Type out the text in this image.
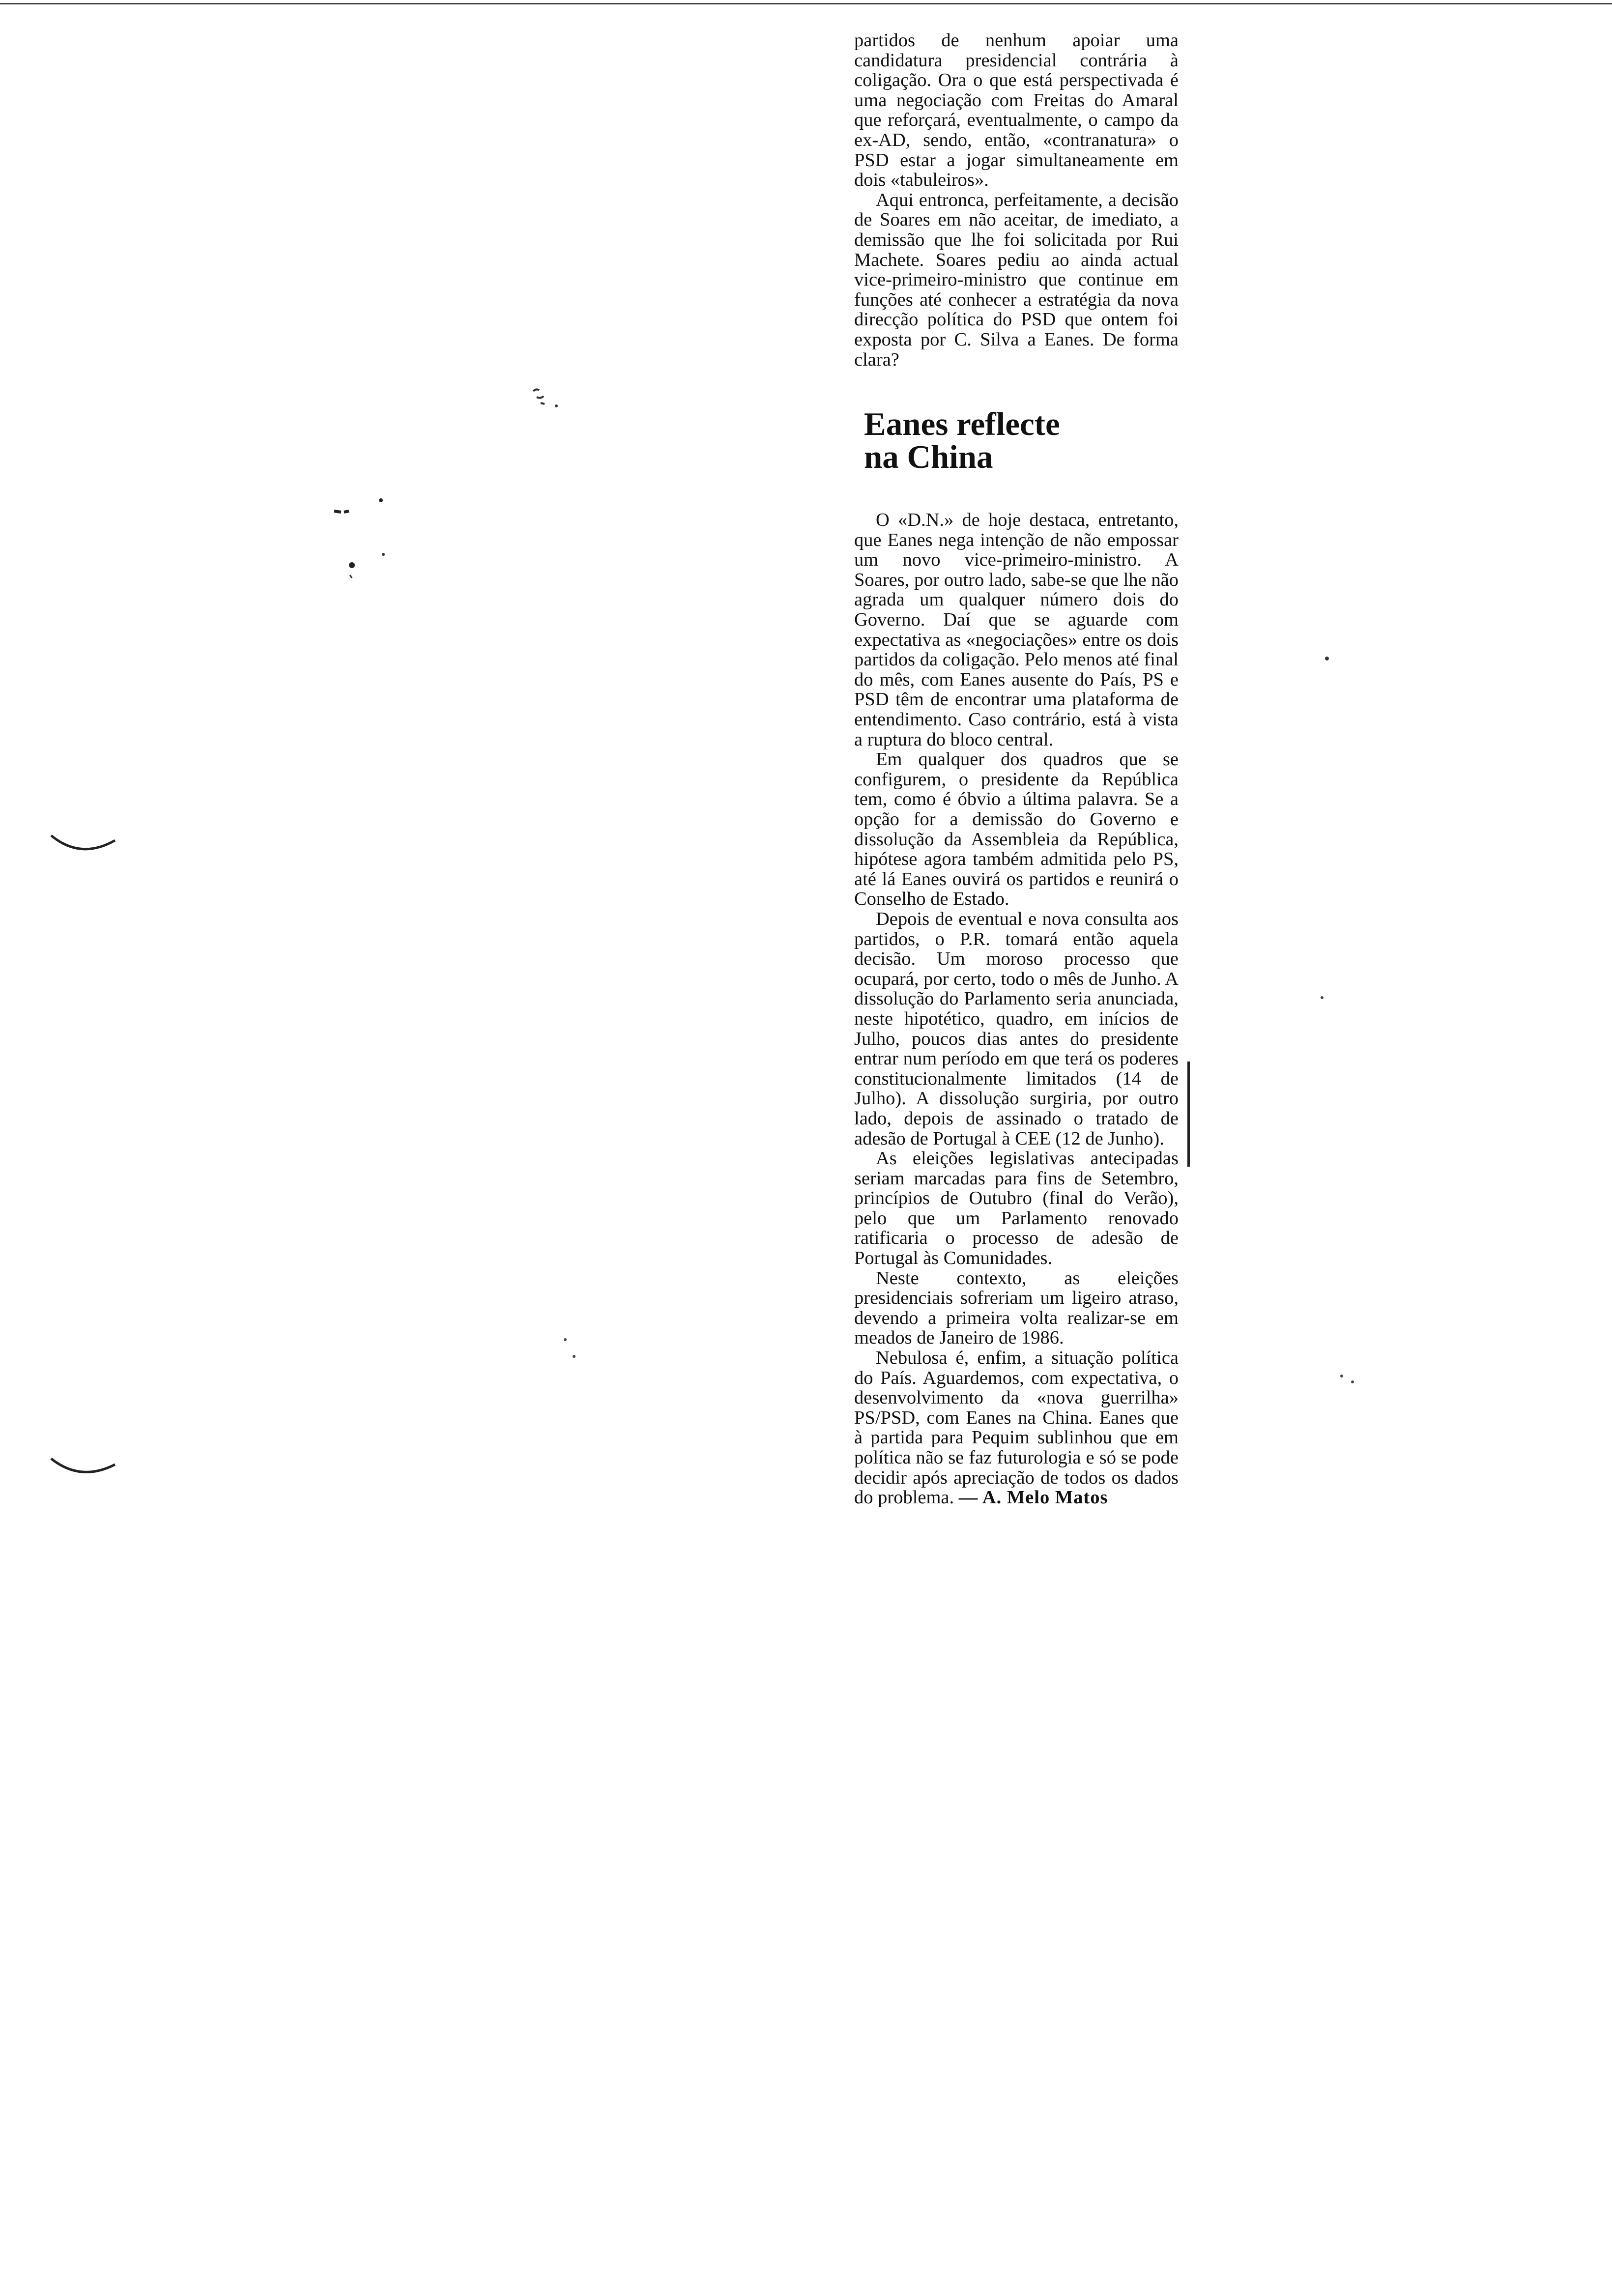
partidos de nenhum apoiar uma candidatura presidencial contrária à coligação. Ora o que está perspectivada é uma negociação com Freitas do Amaral que reforçará, eventualmente, o campo da ex-AD, sendo, então, «contranatura» o PSD estar a jogar simultaneamente em dois «tabuleiros».

Aqui entronca, perfeitamente, a decisão de Soares em não aceitar, de imediato, a demissão que lhe foi solicitada por Rui Machete. Soares pediu ao ainda actual vice-primeiro-ministro que continue em funções até conhecer a estratégia da nova direcção política do PSD que ontem foi exposta por C. Silva a Eanes. De forma clara?

Eanes reflecte
na China

O «D.N.» de hoje destaca, entretanto, que Eanes nega intenção de não empossar um novo vice-primeiro-ministro. A Soares, por outro lado, sabe-se que lhe não agrada um qualquer número dois do Governo. Daí que se aguarde com expectativa as «negociações» entre os dois partidos da coligação. Pelo menos até final do mês, com Eanes ausente do País, PS e PSD têm de encontrar uma plataforma de entendimento. Caso contrário, está à vista a ruptura do bloco central.

Em qualquer dos quadros que se configurem, o presidente da República tem, como é óbvio a última palavra. Se a opção for a demissão do Governo e dissolução da Assembleia da República, hipótese agora também admitida pelo PS, até lá Eanes ouvirá os partidos e reunirá o Conselho de Estado.

Depois de eventual e nova consulta aos partidos, o P.R. tomará então aquela decisão. Um moroso processo que ocupará, por certo, todo o mês de Junho. A dissolução do Parlamento seria anunciada, neste hipotético, quadro, em inícios de Julho, poucos dias antes do presidente entrar num período em que terá os poderes constitucionalmente limitados (14 de Julho). A dissolução surgiria, por outro lado, depois de assinado o tratado de adesão de Portugal à CEE (12 de Junho).

As eleições legislativas antecipadas seriam marcadas para fins de Setembro, princípios de Outubro (final do Verão), pelo que um Parlamento renovado ratificaria o processo de adesão de Portugal às Comunidades.

Neste contexto, as eleições presidenciais sofreriam um ligeiro atraso, devendo a primeira volta realizar-se em meados de Janeiro de 1986.

Nebulosa é, enfim, a situação política do País. Aguardemos, com expectativa, o desenvolvimento da «nova guerrilha» PS/PSD, com Eanes na China. Eanes que à partida para Pequim sublinhou que em política não se faz futurologia e só se pode decidir após apreciação de todos os dados do problema. — A. Melo Matos
